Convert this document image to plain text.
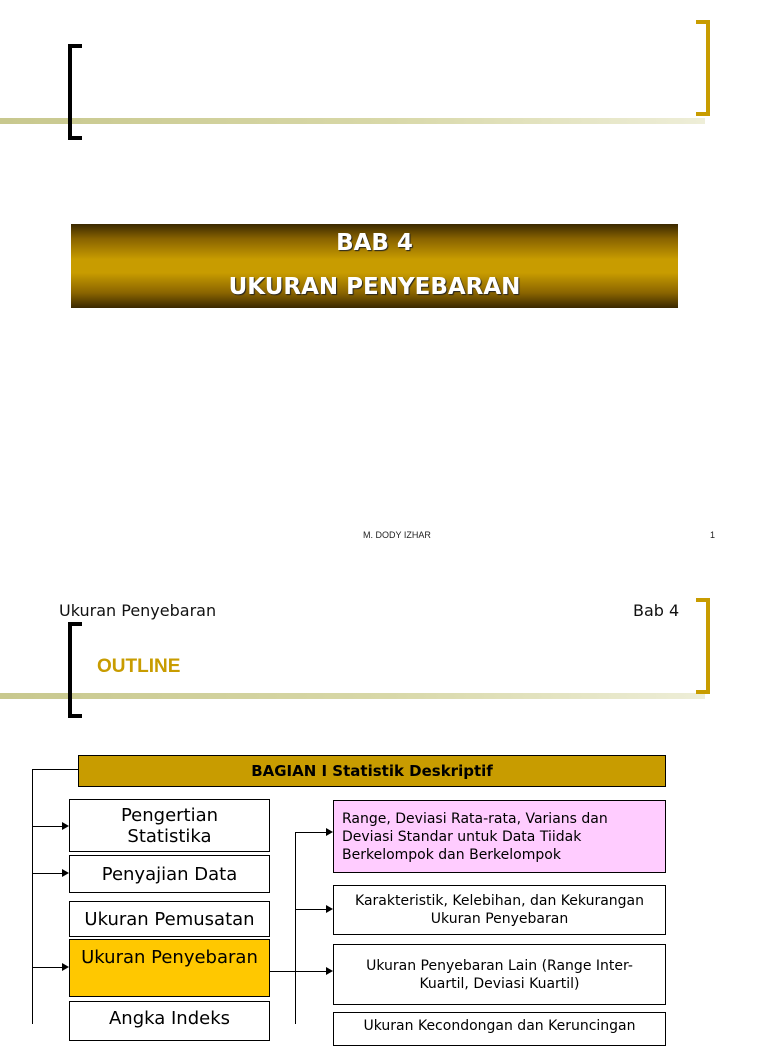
BAB 4
UKURAN PENYEBARAN
M. DODY IZHAR	1
Ukuran Penyebaran	Bab 4
OUTLINE
BAGIAN I Statistik Deskriptif
Pengertian Statistika
Penyajian Data
Ukuran Pemusatan
Ukuran Penyebaran
Angka Indeks
Range, Deviasi Rata-rata, Varians dan Deviasi Standar untuk Data Tiidak Berkelompok dan Berkelompok
Karakteristik, Kelebihan, dan Kekurangan Ukuran Penyebaran
Ukuran Penyebaran Lain (Range Inter-Kuartil, Deviasi Kuartil)
Ukuran Kecondongan dan Keruncingan
